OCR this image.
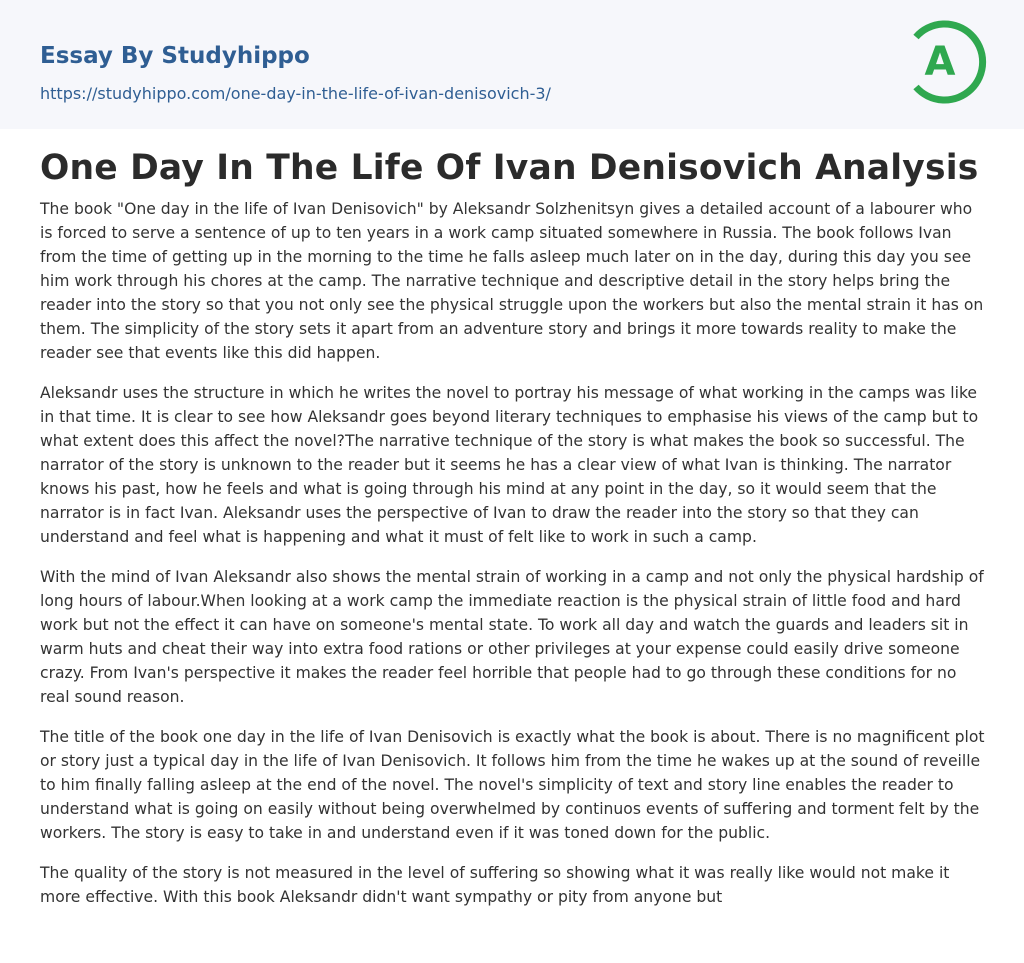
Essay By Studyhippo
https://studyhippo.com/one-day-in-the-life-of-ivan-denisovich-3/
A
One Day In The Life Of Ivan Denisovich Analysis

The book "One day in the life of Ivan Denisovich" by Aleksandr Solzhenitsyn gives a detailed account of a labourer who is forced to serve a sentence of up to ten years in a work camp situated somewhere in Russia. The book follows Ivan from the time of getting up in the morning to the time he falls asleep much later on in the day, during this day you see him work through his chores at the camp. The narrative technique and descriptive detail in the story helps bring the reader into the story so that you not only see the physical struggle upon the workers but also the mental strain it has on them. The simplicity of the story sets it apart from an adventure story and brings it more towards reality to make the reader see that events like this did happen.

Aleksandr uses the structure in which he writes the novel to portray his message of what working in the camps was like in that time. It is clear to see how Aleksandr goes beyond literary techniques to emphasise his views of the camp but to what extent does this affect the novel?The narrative technique of the story is what makes the book so successful. The narrator of the story is unknown to the reader but it seems he has a clear view of what Ivan is thinking. The narrator knows his past, how he feels and what is going through his mind at any point in the day, so it would seem that the narrator is in fact Ivan. Aleksandr uses the perspective of Ivan to draw the reader into the story so that they can understand and feel what is happening and what it must of felt like to work in such a camp.

With the mind of Ivan Aleksandr also shows the mental strain of working in a camp and not only the physical hardship of long hours of labour.When looking at a work camp the immediate reaction is the physical strain of little food and hard work but not the effect it can have on someone's mental state. To work all day and watch the guards and leaders sit in warm huts and cheat their way into extra food rations or other privileges at your expense could easily drive someone crazy. From Ivan's perspective it makes the reader feel horrible that people had to go through these conditions for no real sound reason.

The title of the book one day in the life of Ivan Denisovich is exactly what the book is about. There is no magnificent plot or story just a typical day in the life of Ivan Denisovich. It follows him from the time he wakes up at the sound of reveille to him finally falling asleep at the end of the novel. The novel's simplicity of text and story line enables the reader to understand what is going on easily without being overwhelmed by continuos events of suffering and torment felt by the workers. The story is easy to take in and understand even if it was toned down for the public.

The quality of the story is not measured in the level of suffering so showing what it was really like would not make it more effective. With this book Aleksandr didn't want sympathy or pity from anyone but
